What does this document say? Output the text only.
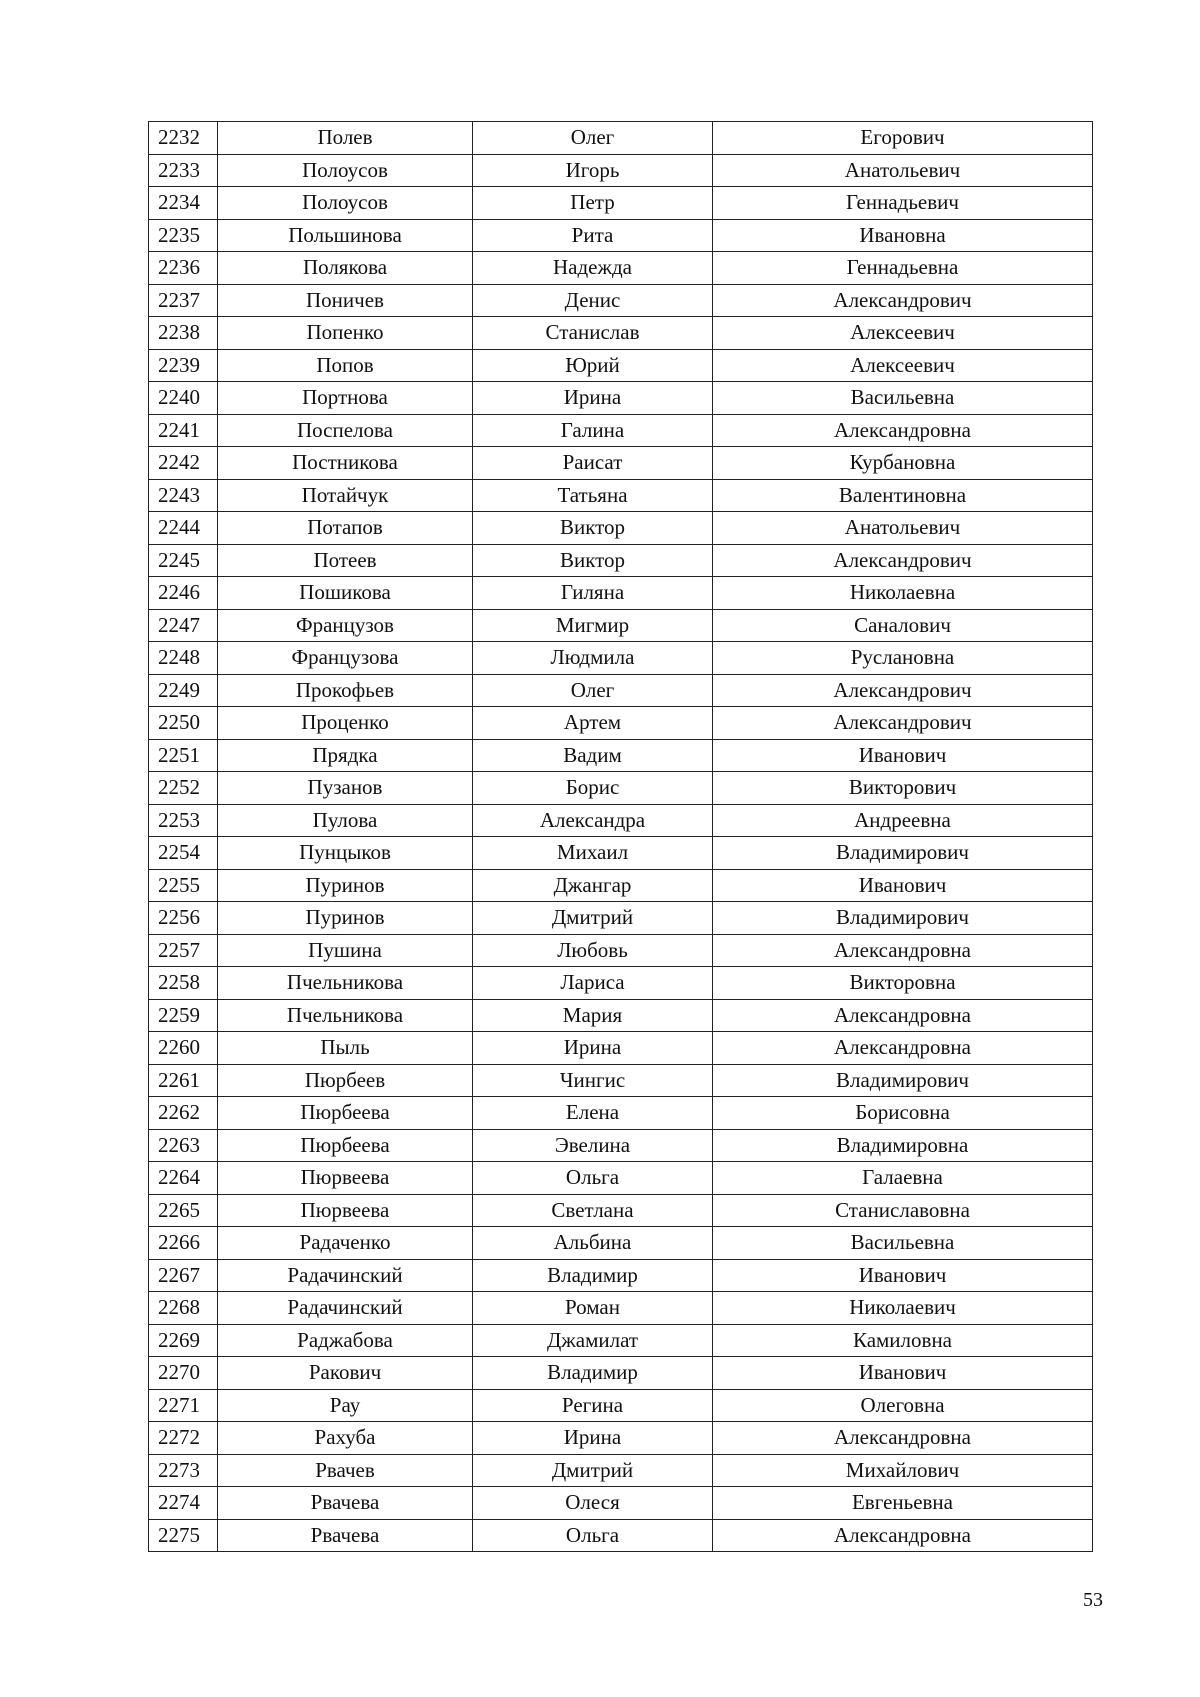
2232	Полев	Олег	Егорович
2233	Полоусов	Игорь	Анатольевич
2234	Полоусов	Петр	Геннадьевич
2235	Польшинова	Рита	Ивановна
2236	Полякова	Надежда	Геннадьевна
2237	Поничев	Денис	Александрович
2238	Попенко	Станислав	Алексеевич
2239	Попов	Юрий	Алексеевич
2240	Портнова	Ирина	Васильевна
2241	Поспелова	Галина	Александровна
2242	Постникова	Раисат	Курбановна
2243	Потайчук	Татьяна	Валентиновна
2244	Потапов	Виктор	Анатольевич
2245	Потеев	Виктор	Александрович
2246	Пошикова	Гиляна	Николаевна
2247	Французов	Мигмир	Саналович
2248	Французова	Людмила	Руслановна
2249	Прокофьев	Олег	Александрович
2250	Проценко	Артем	Александрович
2251	Прядка	Вадим	Иванович
2252	Пузанов	Борис	Викторович
2253	Пулова	Александра	Андреевна
2254	Пунцыков	Михаил	Владимирович
2255	Пуринов	Джангар	Иванович
2256	Пуринов	Дмитрий	Владимирович
2257	Пушина	Любовь	Александровна
2258	Пчельникова	Лариса	Викторовна
2259	Пчельникова	Мария	Александровна
2260	Пыль	Ирина	Александровна
2261	Пюрбеев	Чингис	Владимирович
2262	Пюрбеева	Елена	Борисовна
2263	Пюрбеева	Эвелина	Владимировна
2264	Пюрвеева	Ольга	Галаевна
2265	Пюрвеева	Светлана	Станиславовна
2266	Радаченко	Альбина	Васильевна
2267	Радачинский	Владимир	Иванович
2268	Радачинский	Роман	Николаевич
2269	Раджабова	Джамилат	Камиловна
2270	Ракович	Владимир	Иванович
2271	Рау	Регина	Олеговна
2272	Рахуба	Ирина	Александровна
2273	Рвачев	Дмитрий	Михайлович
2274	Рвачева	Олеся	Евгеньевна
2275	Рвачева	Ольга	Александровна
53
